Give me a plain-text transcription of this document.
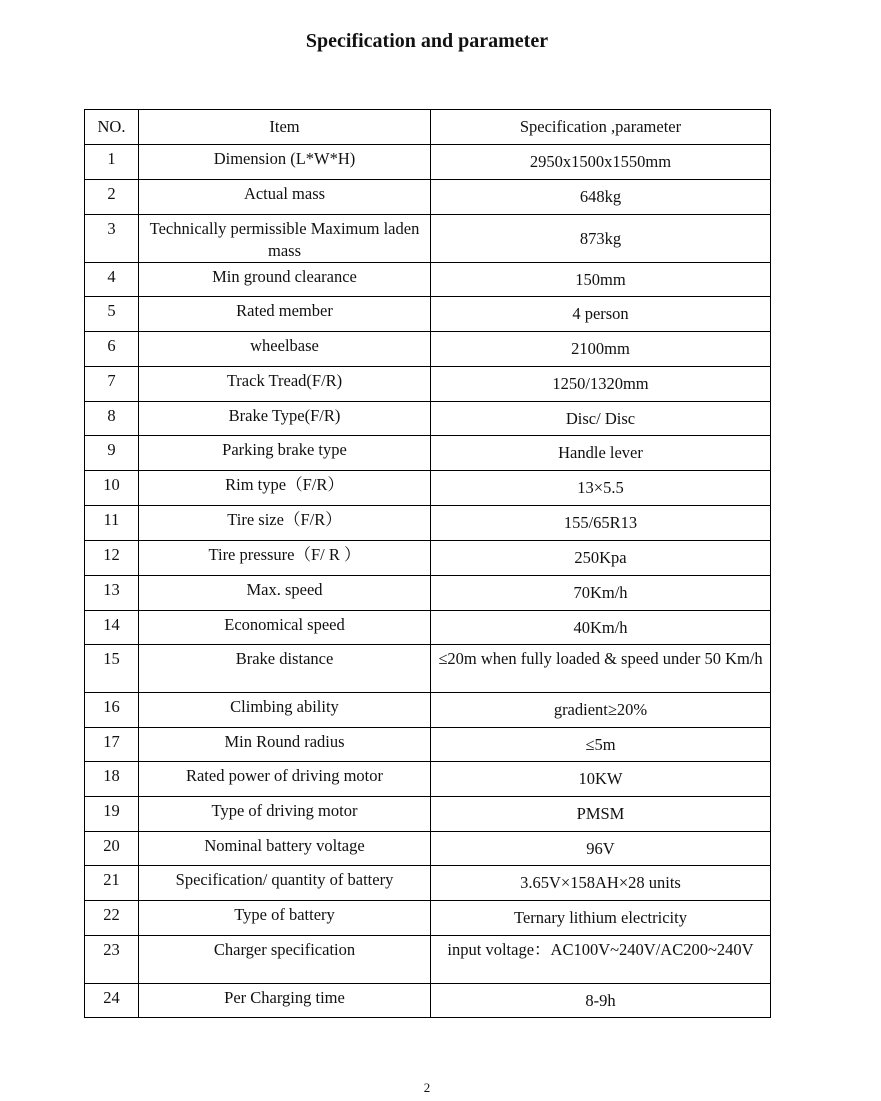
Specification and parameter
NO.	Item	Specification ,parameter
1	Dimension (L*W*H)	2950x1500x1550mm
2	Actual mass	648kg
3	Technically permissible Maximum laden mass	873kg
4	Min ground clearance	150mm
5	Rated member	4 person
6	wheelbase	2100mm
7	Track Tread(F/R)	1250/1320mm
8	Brake Type(F/R)	Disc/ Disc
9	Parking brake type	Handle lever
10	Rim type（F/R）	13×5.5
11	Tire size（F/R）	155/65R13
12	Tire pressure（F/ R ）	250Kpa
13	Max. speed	70Km/h
14	Economical speed	40Km/h
15	Brake distance	≤20m when fully loaded & speed under 50 Km/h
16	Climbing ability	gradient≥20%
17	Min Round radius	≤5m
18	Rated power of driving motor	10KW
19	Type of driving motor	PMSM
20	Nominal battery voltage	96V
21	Specification/ quantity of battery	3.65V×158AH×28 units
22	Type of battery	Ternary lithium electricity
23	Charger specification	input voltage：AC100V~240V/AC200~240V
24	Per Charging time	8-9h
2
